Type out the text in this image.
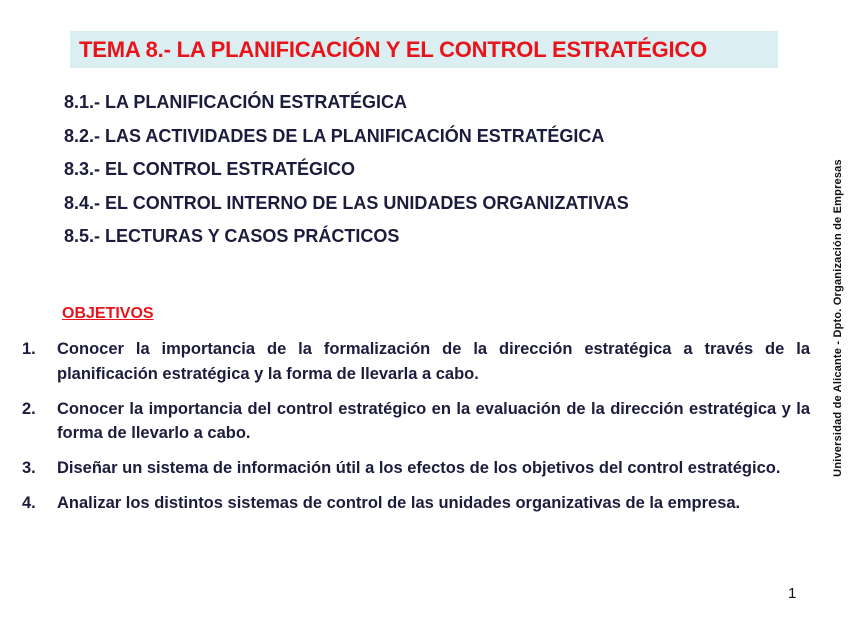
TEMA 8.- LA PLANIFICACIÓN Y EL CONTROL ESTRATÉGICO
8.1.- LA PLANIFICACIÓN ESTRATÉGICA
8.2.- LAS ACTIVIDADES DE LA PLANIFICACIÓN ESTRATÉGICA
8.3.- EL CONTROL ESTRATÉGICO
8.4.- EL CONTROL INTERNO DE LAS UNIDADES ORGANIZATIVAS
8.5.- LECTURAS Y CASOS PRÁCTICOS
OBJETIVOS
1. Conocer la importancia de la formalización de la dirección estratégica a través de la planificación estratégica y la forma de llevarla a cabo.
2. Conocer la importancia del control estratégico en la evaluación de la dirección estratégica y la forma de llevarlo a cabo.
3. Diseñar un sistema de información útil a los efectos de los objetivos del control estratégico.
4. Analizar los distintos sistemas de control de las unidades organizativas de la empresa.
Universidad de Alicante - Dpto. Organización de Empresas
1
